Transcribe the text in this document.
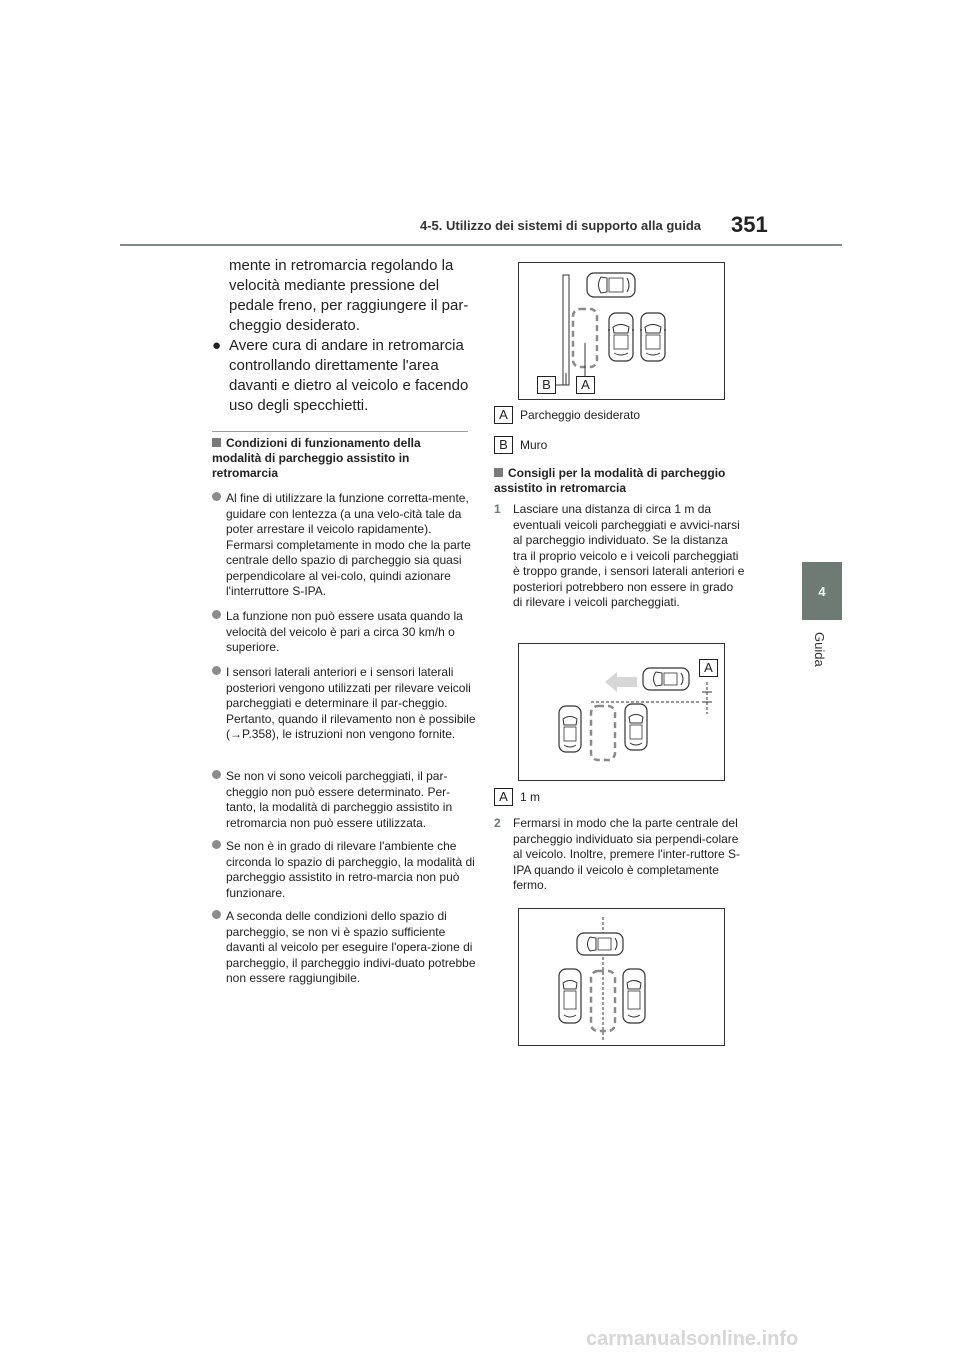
4-5. Utilizzo dei sistemi di supporto alla guida 351
4
Guida
mente in retromarcia regolando la velocità mediante pressione del pedale freno, per raggiungere il par-cheggio desiderato.
● Avere cura di andare in retromarcia controllando direttamente l'area davanti e dietro al veicolo e facendo uso degli specchietti.
Condizioni di funzionamento della modalità di parcheggio assistito in retromarcia
Al fine di utilizzare la funzione corretta-mente, guidare con lentezza (a una velo-cità tale da poter arrestare il veicolo rapidamente). Fermarsi completamente in modo che la parte centrale dello spazio di parcheggio sia quasi perpendicolare al vei-colo, quindi azionare l'interruttore S-IPA.
La funzione non può essere usata quando la velocità del veicolo è pari a circa 30 km/h o superiore.
I sensori laterali anteriori e i sensori laterali posteriori vengono utilizzati per rilevare veicoli parcheggiati e determinare il par-cheggio. Pertanto, quando il rilevamento non è possibile (→P.358), le istruzioni non vengono fornite.
Se non vi sono veicoli parcheggiati, il par-cheggio non può essere determinato. Per-tanto, la modalità di parcheggio assistito in retromarcia non può essere utilizzata.
Se non è in grado di rilevare l'ambiente che circonda lo spazio di parcheggio, la modalità di parcheggio assistito in retro-marcia non può funzionare.
A seconda delle condizioni dello spazio di parcheggio, se non vi è spazio sufficiente davanti al veicolo per eseguire l'opera-zione di parcheggio, il parcheggio indivi-duato potrebbe non essere raggiungibile.
B	A
A	Parcheggio desiderato
B	Muro
Consigli per la modalità di parcheggio assistito in retromarcia
1 Lasciare una distanza di circa 1 m da eventuali veicoli parcheggiati e avvici-narsi al parcheggio individuato. Se la distanza tra il proprio veicolo e i veicoli parcheggiati è troppo grande, i sensori laterali anteriori e posteriori potrebbero non essere in grado di rilevare i veicoli parcheggiati.
A
A	1 m
2 Fermarsi in modo che la parte centrale del parcheggio individuato sia perpendi-colare al veicolo. Inoltre, premere l'inter-ruttore S-IPA quando il veicolo è completamente fermo.
carmanualsonline.info
